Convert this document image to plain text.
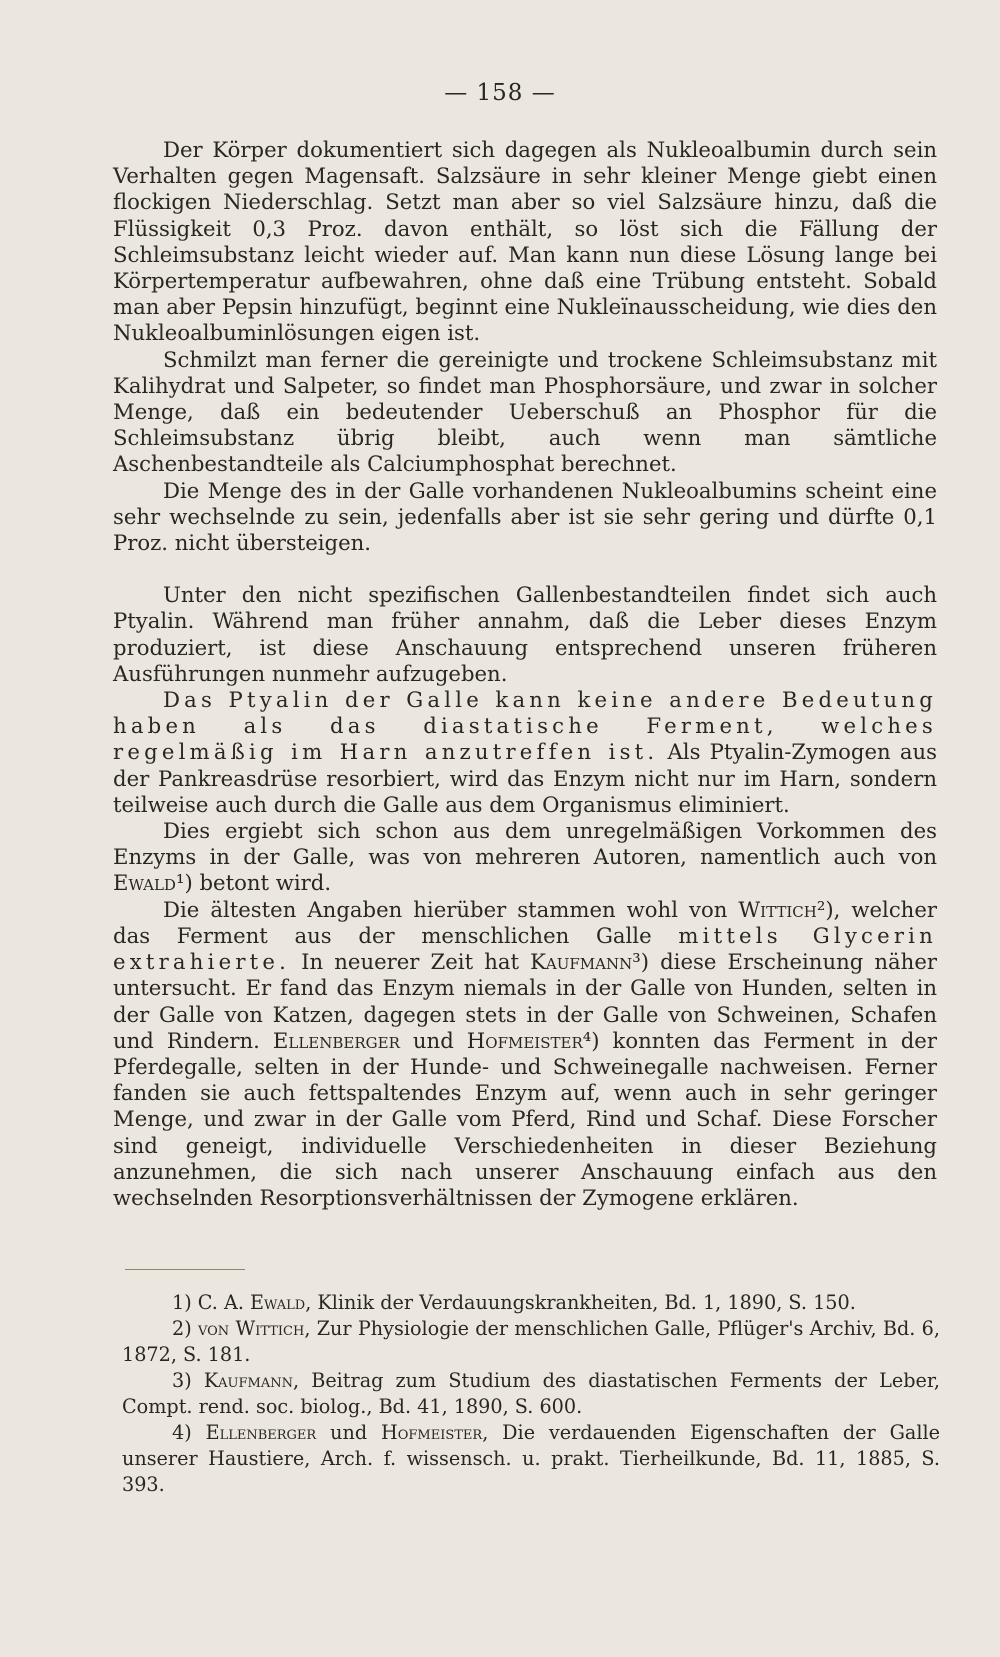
— 158 —

Der Körper dokumentiert sich dagegen als Nukleoalbumin durch sein Verhalten gegen Magensaft. Salzsäure in sehr kleiner Menge giebt einen flockigen Niederschlag. Setzt man aber so viel Salzsäure hinzu, daß die Flüssigkeit 0,3 Proz. davon enthält, so löst sich die Fällung der Schleimsubstanz leicht wieder auf. Man kann nun diese Lösung lange bei Körpertemperatur aufbewahren, ohne daß eine Trübung entsteht. Sobald man aber Pepsin hinzufügt, beginnt eine Nukleïnausscheidung, wie dies den Nukleoalbuminlösungen eigen ist.

Schmilzt man ferner die gereinigte und trockene Schleimsubstanz mit Kalihydrat und Salpeter, so findet man Phosphorsäure, und zwar in solcher Menge, daß ein bedeutender Ueberschuß an Phosphor für die Schleimsubstanz übrig bleibt, auch wenn man sämtliche Aschenbestandteile als Calciumphosphat berechnet.

Die Menge des in der Galle vorhandenen Nukleoalbumins scheint eine sehr wechselnde zu sein, jedenfalls aber ist sie sehr gering und dürfte 0,1 Proz. nicht übersteigen.

Unter den nicht spezifischen Gallenbestandteilen findet sich auch Ptyalin. Während man früher annahm, daß die Leber dieses Enzym produziert, ist diese Anschauung entsprechend unseren früheren Ausführungen nunmehr aufzugeben.

Das Ptyalin der Galle kann keine andere Bedeutung haben als das diastatische Ferment, welches regelmäßig im Harn anzutreffen ist. Als Ptyalin-Zymogen aus der Pankreasdrüse resorbiert, wird das Enzym nicht nur im Harn, sondern teilweise auch durch die Galle aus dem Organismus eliminiert.

Dies ergiebt sich schon aus dem unregelmäßigen Vorkommen des Enzyms in der Galle, was von mehreren Autoren, namentlich auch von Ewald¹) betont wird.

Die ältesten Angaben hierüber stammen wohl von Wittich²), welcher das Ferment aus der menschlichen Galle mittels Glycerin extrahierte. In neuerer Zeit hat Kaufmann³) diese Erscheinung näher untersucht. Er fand das Enzym niemals in der Galle von Hunden, selten in der Galle von Katzen, dagegen stets in der Galle von Schweinen, Schafen und Rindern. Ellenberger und Hofmeister⁴) konnten das Ferment in der Pferdegalle, selten in der Hunde- und Schweinegalle nachweisen. Ferner fanden sie auch fettspaltendes Enzym auf, wenn auch in sehr geringer Menge, und zwar in der Galle vom Pferd, Rind und Schaf. Diese Forscher sind geneigt, individuelle Verschiedenheiten in dieser Beziehung anzunehmen, die sich nach unserer Anschauung einfach aus den wechselnden Resorptionsverhältnissen der Zymogene erklären.

1) C. A. Ewald, Klinik der Verdauungskrankheiten, Bd. 1, 1890, S. 150.

2) von Wittich, Zur Physiologie der menschlichen Galle, Pflüger's Archiv, Bd. 6, 1872, S. 181.

3) Kaufmann, Beitrag zum Studium des diastatischen Ferments der Leber, Compt. rend. soc. biolog., Bd. 41, 1890, S. 600.

4) Ellenberger und Hofmeister, Die verdauenden Eigenschaften der Galle unserer Haustiere, Arch. f. wissensch. u. prakt. Tierheilkunde, Bd. 11, 1885, S. 393.
